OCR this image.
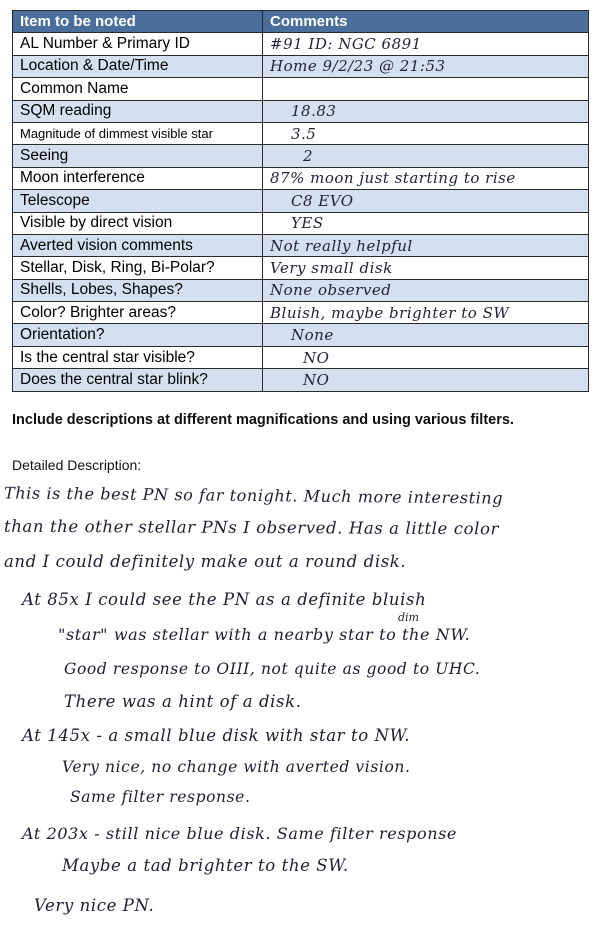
Item to be noted	Comments
AL Number & Primary ID	#91 ID: NGC 6891
Location & Date/Time	Home 9/2/23 @ 21:53
Common Name	
SQM reading	18.83
Magnitude of dimmest visible star	3.5
Seeing	2
Moon interference	87% moon just starting to rise
Telescope	C8 EVO
Visible by direct vision	YES
Averted vision comments	Not really helpful
Stellar, Disk, Ring, Bi-Polar?	Very small disk
Shells, Lobes, Shapes?	None observed
Color? Brighter areas?	Bluish, maybe brighter to SW
Orientation?	None
Is the central star visible?	NO
Does the central star blink?	NO
Include descriptions at different magnifications and using various filters.
Detailed Description:
This is the best PN so far tonight. Much more interesting
than the other stellar PNs I observed. Has a little color
and I could definitely make out a round disk.
At 85x I could see the PN as a definite bluish
dim
"star" was stellar with a nearby star to the NW.
Good response to OIII, not quite as good to UHC.
There was a hint of a disk.
At 145x - a small blue disk with star to NW.
Very nice, no change with averted vision.
Same filter response.
At 203x - still nice blue disk. Same filter response
Maybe a tad brighter to the SW.
Very nice PN.
